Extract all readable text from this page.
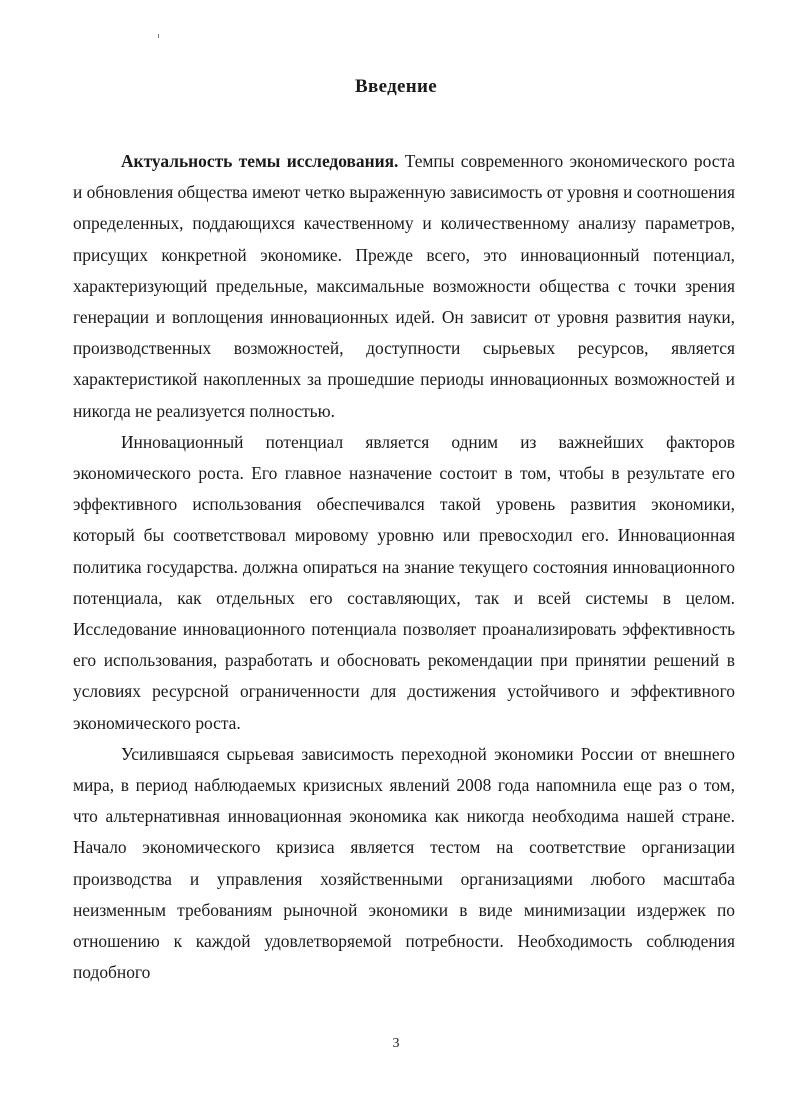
Введение

Актуальность темы исследования. Темпы современного экономического роста и обновления общества имеют четко выраженную зависимость от уровня и соотношения определенных, поддающихся качественному и количественному анализу параметров, присущих конкретной экономике. Прежде всего, это инновационный потенциал, характеризующий предельные, максимальные возможности общества с точки зрения генерации и воплощения инновационных идей. Он зависит от уровня развития науки, производственных возможностей, доступности сырьевых ресурсов, является характеристикой накопленных за прошедшие периоды инновационных возможностей и никогда не реализуется полностью.

Инновационный потенциал является одним из важнейших факторов экономического роста. Его главное назначение состоит в том, чтобы в результате его эффективного использования обеспечивался такой уровень развития экономики, который бы соответствовал мировому уровню или превосходил его. Инновационная политика государства. должна опираться на знание текущего состояния инновационного потенциала, как отдельных его составляющих, так и всей системы в целом. Исследование инновационного потенциала позволяет проанализировать эффективность его использования, разработать и обосновать рекомендации при принятии решений в условиях ресурсной ограниченности для достижения устойчивого и эффективного экономического роста.

Усилившаяся сырьевая зависимость переходной экономики России от внешнего мира, в период наблюдаемых кризисных явлений 2008 года напомнила еще раз о том, что альтернативная инновационная экономика как никогда необходима нашей стране. Начало экономического кризиса является тестом на соответствие организации производства и управления хозяйственными организациями любого масштаба неизменным требованиям рыночной экономики в виде минимизации издержек по отношению к каждой удовлетворяемой потребности. Необходимость соблюдения подобного

3
